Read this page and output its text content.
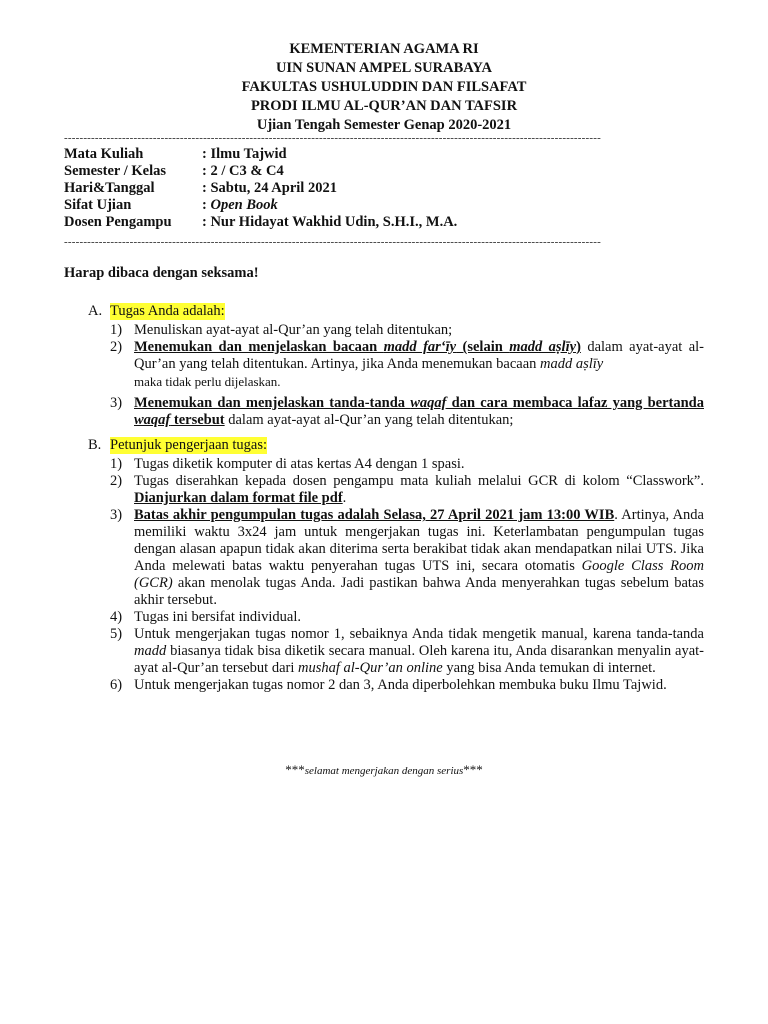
KEMENTERIAN AGAMA RI
UIN SUNAN AMPEL SURABAYA
FAKULTAS USHULUDDIN DAN FILSAFAT
PRODI ILMU AL-QUR’AN DAN TAFSIR
Ujian Tengah Semester Genap 2020-2021
-------------------------------------------------------------------------------------------------------------------------------------------
Mata Kuliah	: Ilmu Tajwid
Semester / Kelas	: 2 / C3 & C4
Hari&Tanggal	: Sabtu, 24 April 2021
Sifat Ujian	: Open Book
Dosen Pengampu	: Nur Hidayat Wakhid Udin, S.H.I., M.A.
-------------------------------------------------------------------------------------------------------------------------------------------
Harap dibaca dengan seksama!
A. Tugas Anda adalah:
1) Menuliskan ayat-ayat al-Qur’an yang telah ditentukan;
2) Menemukan dan menjelaskan bacaan madd far‘īy (selain madd aṣlīy) dalam ayat-ayat al-Qur’an yang telah ditentukan. Artinya, jika Anda menemukan bacaan madd aṣlīy
maka tidak perlu dijelaskan.
3) Menemukan dan menjelaskan tanda-tanda waqaf dan cara membaca lafaz yang bertanda waqaf tersebut dalam ayat-ayat al-Qur’an yang telah ditentukan;
B. Petunjuk pengerjaan tugas:
1) Tugas diketik komputer di atas kertas A4 dengan 1 spasi.
2) Tugas diserahkan kepada dosen pengampu mata kuliah melalui GCR di kolom “Classwork”. Dianjurkan dalam format file pdf.
3) Batas akhir pengumpulan tugas adalah Selasa, 27 April 2021 jam 13:00 WIB. Artinya, Anda memiliki waktu 3x24 jam untuk mengerjakan tugas ini. Keterlambatan pengumpulan tugas dengan alasan apapun tidak akan diterima serta berakibat tidak akan mendapatkan nilai UTS. Jika Anda melewati batas waktu penyerahan tugas UTS ini, secara otomatis Google Class Room (GCR) akan menolak tugas Anda. Jadi pastikan bahwa Anda menyerahkan tugas sebelum batas akhir tersebut.
4) Tugas ini bersifat individual.
5) Untuk mengerjakan tugas nomor 1, sebaiknya Anda tidak mengetik manual, karena tanda-tanda madd biasanya tidak bisa diketik secara manual. Oleh karena itu, Anda disarankan menyalin ayat-ayat al-Qur’an tersebut dari mushaf al-Qur’an online yang bisa Anda temukan di internet.
6) Untuk mengerjakan tugas nomor 2 dan 3, Anda diperbolehkan membuka buku Ilmu Tajwid.
***selamat mengerjakan dengan serius***
